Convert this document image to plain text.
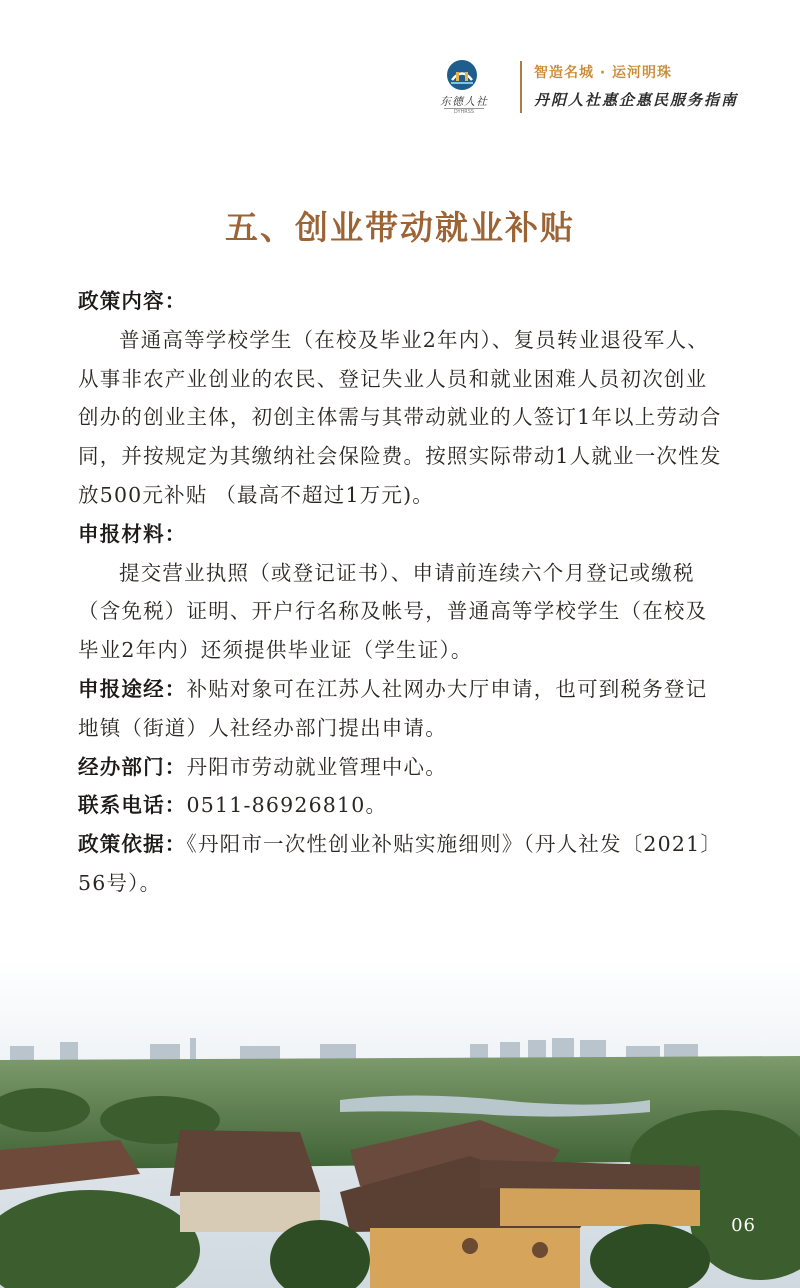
东德人社
DYHRSS
智造名城 · 运河明珠
丹阳人社惠企惠民服务指南
五、创业带动就业补贴

政策内容：

普通高等学校学生（在校及毕业2年内）、复员转业退役军人、从事非农产业创业的农民、登记失业人员和就业困难人员初次创业创办的创业主体，初创主体需与其带动就业的人签订1年以上劳动合同，并按规定为其缴纳社会保险费。按照实际带动1人就业一次性发放500元补贴 （最高不超过1万元)。

申报材料：

提交营业执照（或登记证书）、申请前连续六个月登记或缴税（含免税）证明、开户行名称及帐号，普通高等学校学生（在校及毕业2年内）还须提供毕业证（学生证）。

申报途经：补贴对象可在江苏人社网办大厅申请，也可到税务登记地镇（街道）人社经办部门提出申请。

经办部门：丹阳市劳动就业管理中心。

联系电话：0511-86926810。

政策依据：《丹阳市一次性创业补贴实施细则》（丹人社发〔2021〕56号）。

06
